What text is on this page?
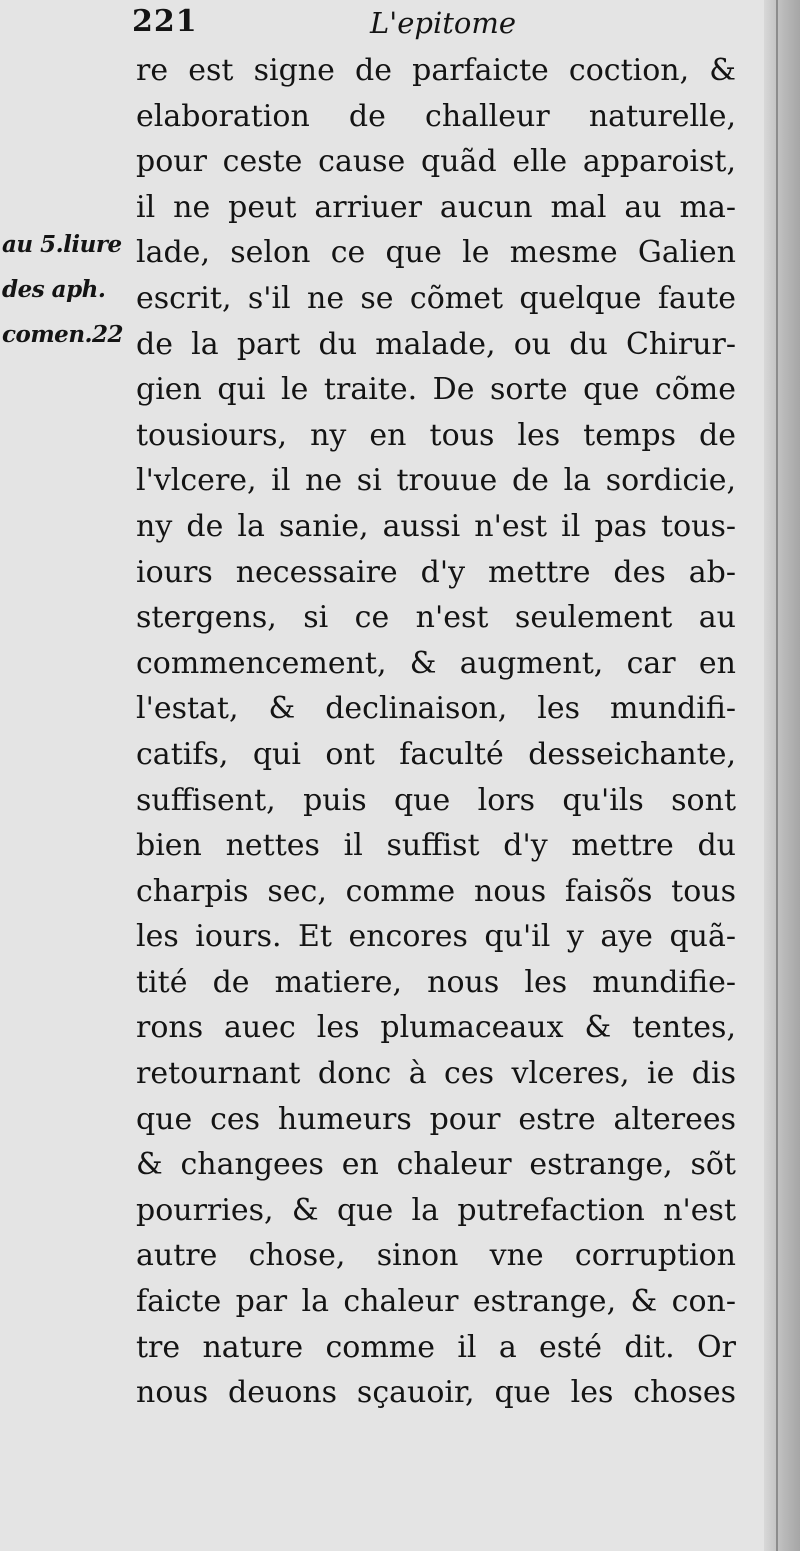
221	L'epitome
au 5.liure
des aph.
comen.22
re est signe de parfaicte coction, &
elaboration de challeur naturelle,
pour ceste cause quãd elle apparoist,
il ne peut arriuer aucun mal au ma-
lade, selon ce que le mesme Galien
escrit, s'il ne se cõmet quelque faute
de la part du malade, ou du Chirur-
gien qui le traite. De sorte que cõme
tousiours, ny en tous les temps de
l'vlcere, il ne si trouue de la sordicie,
ny de la sanie, aussi n'est il pas tous-
iours necessaire d'y mettre des ab-
stergens, si ce n'est seulement au
commencement, & augment, car en
l'estat, & declinaison, les mundifi-
catifs, qui ont faculté desseichante,
suffisent, puis que lors qu'ils sont
bien nettes il suffist d'y mettre du
charpis sec, comme nous faisõs tous
les iours. Et encores qu'il y aye quã-
tité de matiere, nous les mundifie-
rons auec les plumaceaux & tentes,
retournant donc à ces vlceres, ie dis
que ces humeurs pour estre alterees
& changees en chaleur estrange, sõt
pourries, & que la putrefaction n'est
autre chose, sinon vne corruption
faicte par la chaleur estrange, & con-
tre nature comme il a esté dit. Or
nous deuons sçauoir, que les choses
